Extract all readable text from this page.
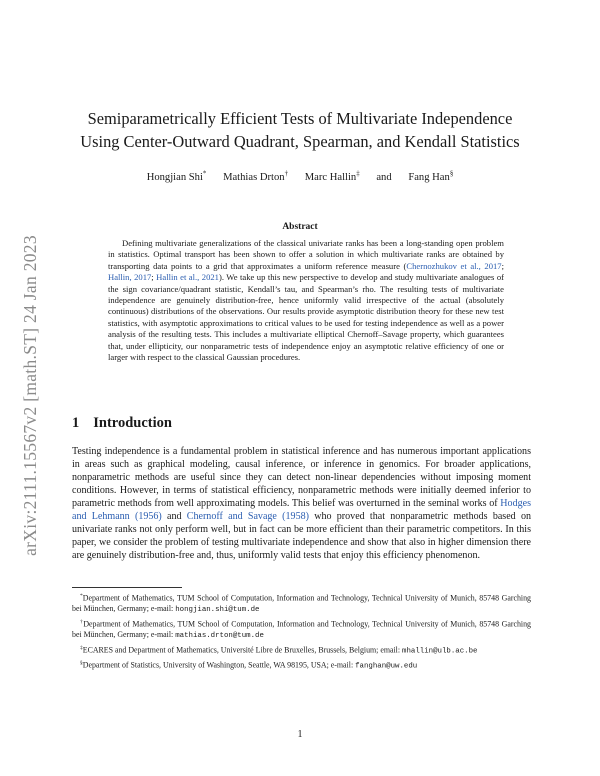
arXiv:2111.15567v2 [math.ST] 24 Jan 2023
Semiparametrically Efficient Tests of Multivariate Independence
Using Center-Outward Quadrant, Spearman, and Kendall Statistics
Hongjian Shi* Mathias Drton† Marc Hallin‡ and Fang Han§
Abstract

Defining multivariate generalizations of the classical univariate ranks has been a long-standing open problem in statistics. Optimal transport has been shown to offer a solution in which multivariate ranks are obtained by transporting data points to a grid that approximates a uniform reference measure (Chernozhukov et al., 2017; Hallin, 2017; Hallin et al., 2021). We take up this new perspective to develop and study multivariate analogues of the sign covariance/quadrant statistic, Kendall’s tau, and Spearman’s rho. The resulting tests of multivariate independence are genuinely distribution-free, hence uniformly valid irrespective of the actual (absolutely continuous) distributions of the observations. Our results provide asymptotic distribution theory for these new test statistics, with asymptotic approximations to critical values to be used for testing independence as well as a power analysis of the resulting tests. This includes a multivariate elliptical Chernoff–Savage property, which guarantees that, under ellipticity, our nonparametric tests of independence enjoy an asymptotic relative efficiency of one or larger with respect to the classical Gaussian procedures.

1 Introduction

Testing independence is a fundamental problem in statistical inference and has numerous important applications in areas such as graphical modeling, causal inference, or inference in genomics. For broader applications, nonparametric methods are useful since they can detect non-linear dependencies without imposing moment conditions. However, in terms of statistical efficiency, nonparametric methods were initially deemed inferior to parametric methods from well approximating models. This belief was overturned in the seminal works of Hodges and Lehmann (1956) and Chernoff and Savage (1958) who proved that nonparametric methods based on univariate ranks not only perform well, but in fact can be more efficient than their parametric competitors. In this paper, we consider the problem of testing multivariate independence and show that also in higher dimension there are genuinely distribution-free and, thus, uniformly valid tests that enjoy this efficiency phenomenon.

*Department of Mathematics, TUM School of Computation, Information and Technology, Technical University of Munich, 85748 Garching bei München, Germany; e-mail: hongjian.shi@tum.de

†Department of Mathematics, TUM School of Computation, Information and Technology, Technical University of Munich, 85748 Garching bei München, Germany; e-mail: mathias.drton@tum.de

‡ECARES and Department of Mathematics, Université Libre de Bruxelles, Brussels, Belgium; email: mhallin@ulb.ac.be

§Department of Statistics, University of Washington, Seattle, WA 98195, USA; e-mail: fanghan@uw.edu

1
